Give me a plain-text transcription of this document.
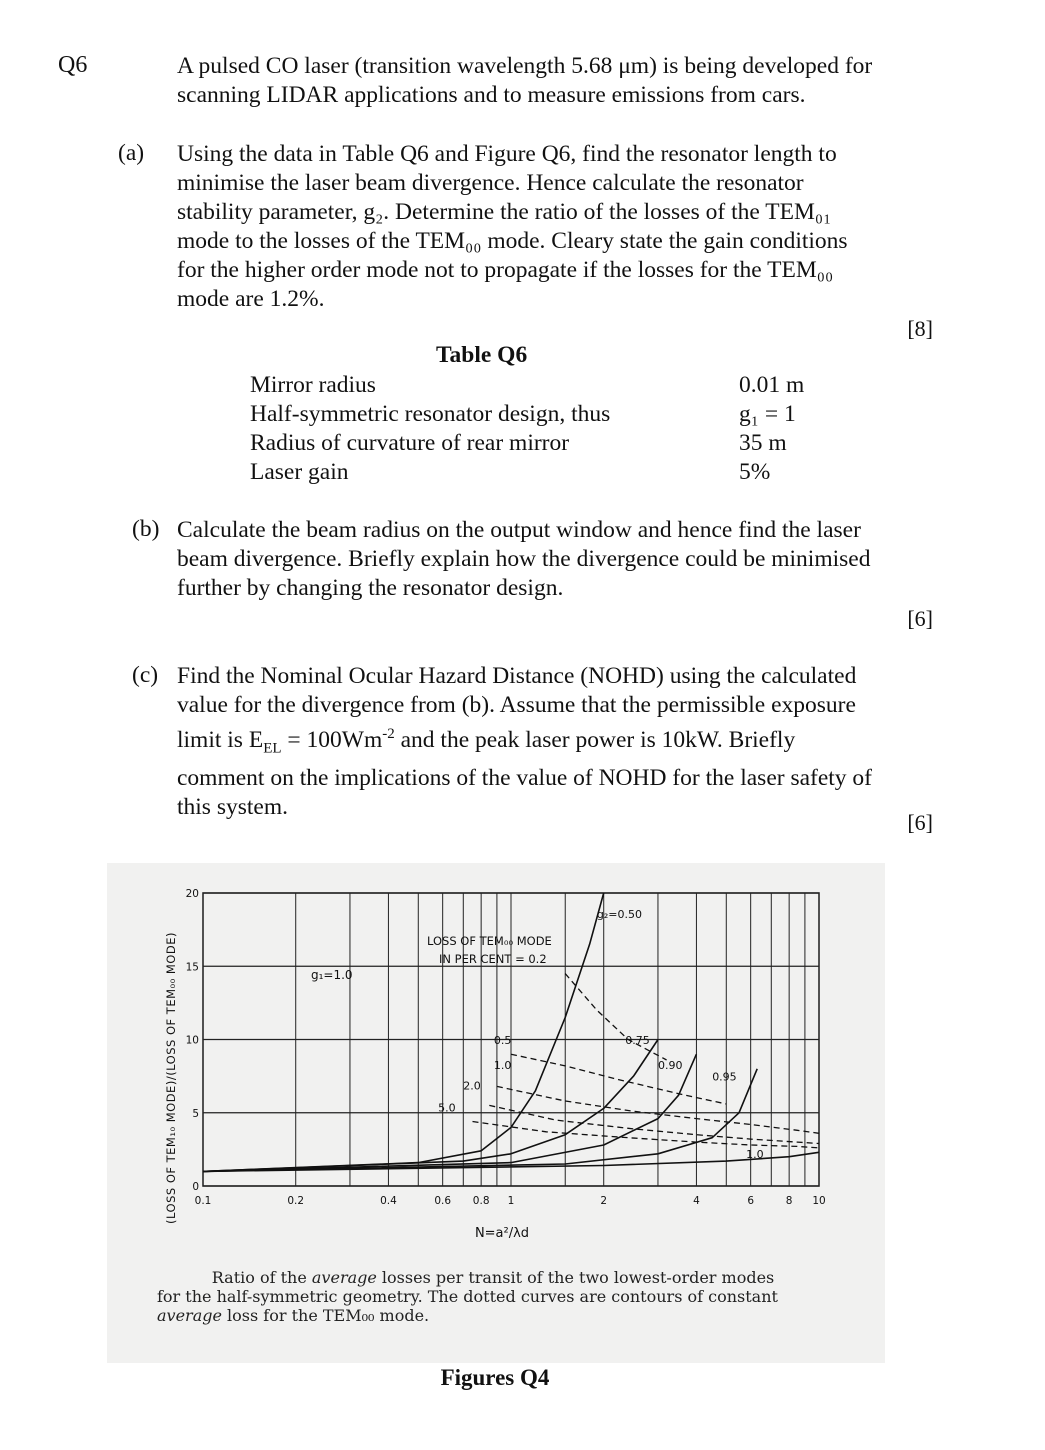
Q6	A pulsed CO laser (transition wavelength 5.68 μm) is being developed for
scanning LIDAR applications and to measure emissions from cars.
(a) Using the data in Table Q6 and Figure Q6, find the resonator length to
minimise the laser beam divergence. Hence calculate the resonator
stability parameter, g₂. Determine the ratio of the losses of the TEM₀₁
mode to the losses of the TEM₀₀ mode. Cleary state the gain conditions
for the higher order mode not to propagate if the losses for the TEM₀₀
mode are 1.2%.
[8]
Table Q6
Mirror radius	0.01 m
Half-symmetric resonator design, thus	g₁ = 1
Radius of curvature of rear mirror	35 m
Laser gain	5%
(b) Calculate the beam radius on the output window and hence find the laser
beam divergence. Briefly explain how the divergence could be minimised
further by changing the resonator design.
[6]
(c) Find the Nominal Ocular Hazard Distance (NOHD) using the calculated
value for the divergence from (b). Assume that the permissible exposure
limit is $E_{EL} = 100Wm^{-2}$ and the peak laser power is 10kW. Briefly
comment on the implications of the value of NOHD for the laser safety of
this system.
[6]
0.1	0.2	0.4	0.6 0.8 1	2	4	6	8 10
0
5
10
15
20
g₂=0.50
0.75
0.90
0.95
1.0
0.5
1.0
2.0
5.0
(LOSS OF TEM₁₀ MODE)/(LOSS OF TEM₀₀ MODE)
N=a²/λd
g₁=1.0
LOSS OF TEM₀₀ MODE
IN PER CENT = 0.2
Ratio of the average losses per transit of the two lowest-order modes
for the half-symmetric geometry. The dotted curves are contours of constant
average loss for the TEM₀₀ mode.
Figures Q4
